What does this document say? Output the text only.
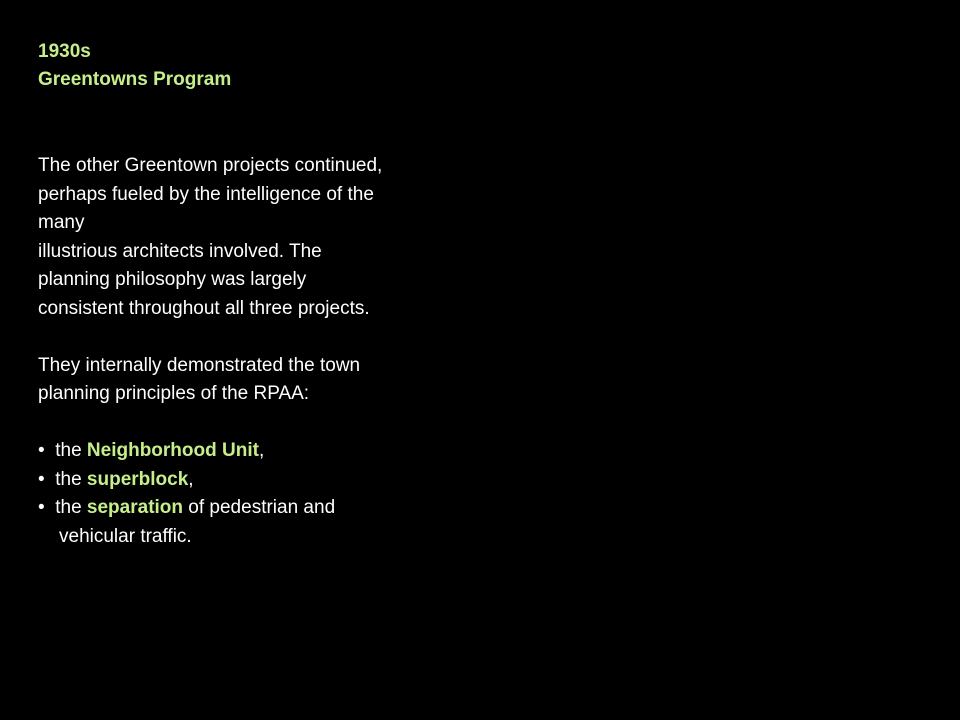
1930s
Greentowns Program
The other Greentown projects continued,
perhaps fueled by the intelligence of the
many
illustrious architects involved. The
planning philosophy was largely
consistent throughout all three projects.
They internally demonstrated the town
planning principles of the RPAA:
• the Neighborhood Unit,
• the superblock,
• the separation of pedestrian and
vehicular traffic.
